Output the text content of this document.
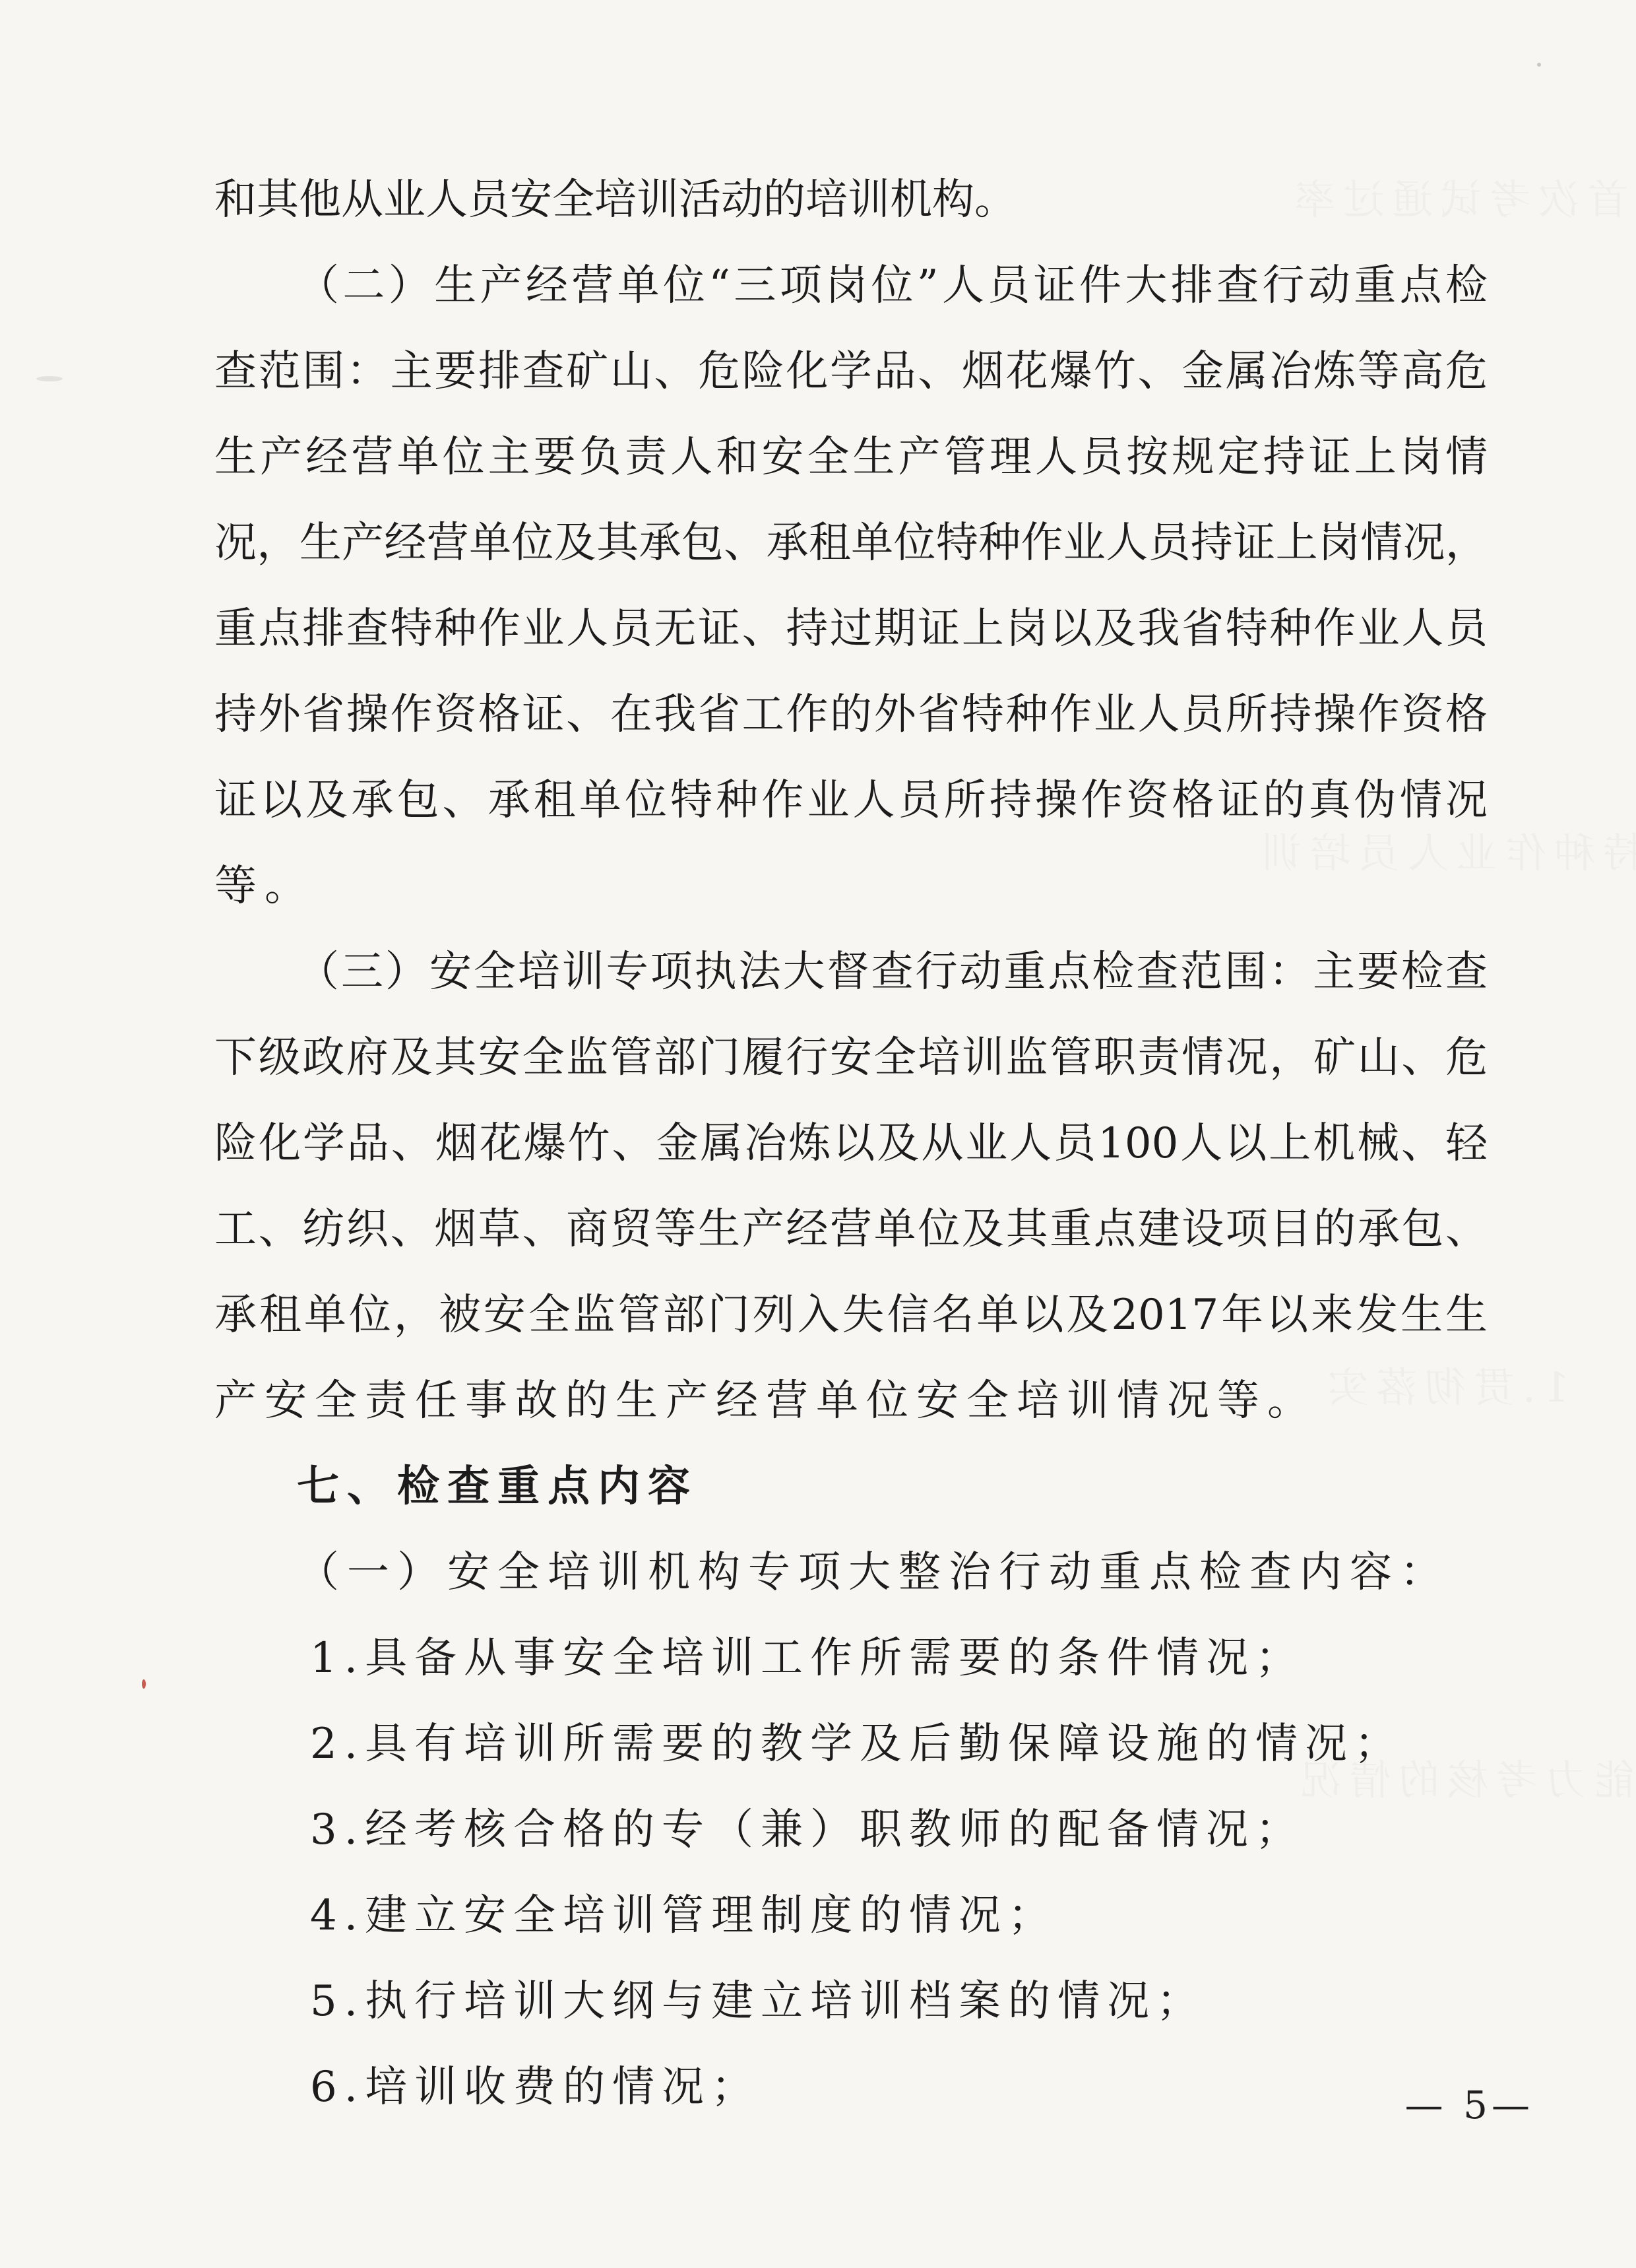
和其他从业人员安全培训活动的培训机构。
（二）生产经营单位“三项岗位”人员证件大排查行动重点检
查范围：主要排查矿山、危险化学品、烟花爆竹、金属冶炼等高危
生产经营单位主要负责人和安全生产管理人员按规定持证上岗情
况，生产经营单位及其承包、承租单位特种作业人员持证上岗情况，
重点排查特种作业人员无证、持过期证上岗以及我省特种作业人员
持外省操作资格证、在我省工作的外省特种作业人员所持操作资格
证以及承包、承租单位特种作业人员所持操作资格证的真伪情况
等。
（三）安全培训专项执法大督查行动重点检查范围：主要检查
下级政府及其安全监管部门履行安全培训监管职责情况，矿山、危
险化学品、烟花爆竹、金属冶炼以及从业人员100人以上机械、轻
工、纺织、烟草、商贸等生产经营单位及其重点建设项目的承包、
承租单位，被安全监管部门列入失信名单以及2017年以来发生生
产安全责任事故的生产经营单位安全培训情况等。
七、检查重点内容
（一）安全培训机构专项大整治行动重点检查内容：
1.具备从事安全培训工作所需要的条件情况；
2.具有培训所需要的教学及后勤保障设施的情况；
3.经考核合格的专（兼）职教师的配备情况；
4.建立安全培训管理制度的情况；
5.执行培训大纲与建立培训档案的情况；
6.培训收费的情况；	— 5—
